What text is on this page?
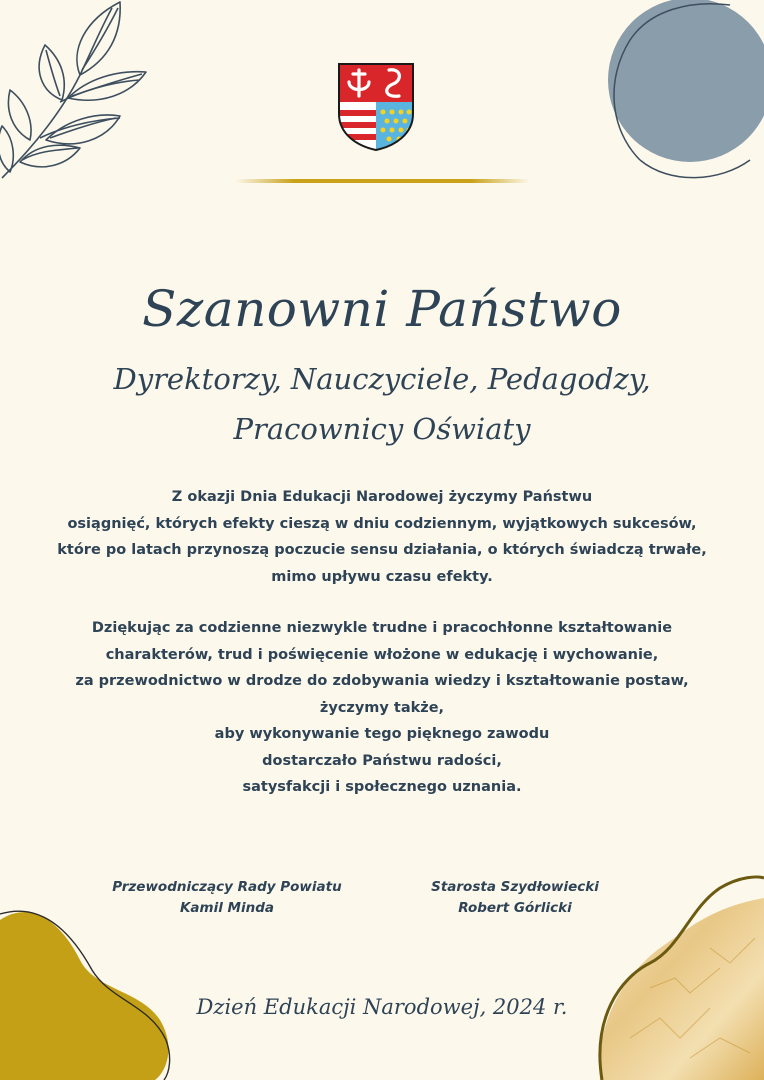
Szanowni Państwo
Dyrektorzy, Nauczyciele, Pedagodzy,
Pracownicy Oświaty
Z okazji Dnia Edukacji Narodowej życzymy Państwu
osiągnięć, których efekty cieszą w dniu codziennym, wyjątkowych sukcesów,
które po latach przynoszą poczucie sensu działania, o których świadczą trwałe,
mimo upływu czasu efekty.
Dziękując za codzienne niezwykle trudne i pracochłonne kształtowanie
charakterów, trud i poświęcenie włożone w edukację i wychowanie,
za przewodnictwo w drodze do zdobywania wiedzy i kształtowanie postaw,
życzymy także,
aby wykonywanie tego pięknego zawodu
dostarczało Państwu radości,
satysfakcji i społecznego uznania.
Przewodniczący Rady Powiatu
Kamil Minda
Starosta Szydłowiecki
Robert Górlicki
Dzień Edukacji Narodowej, 2024 r.
